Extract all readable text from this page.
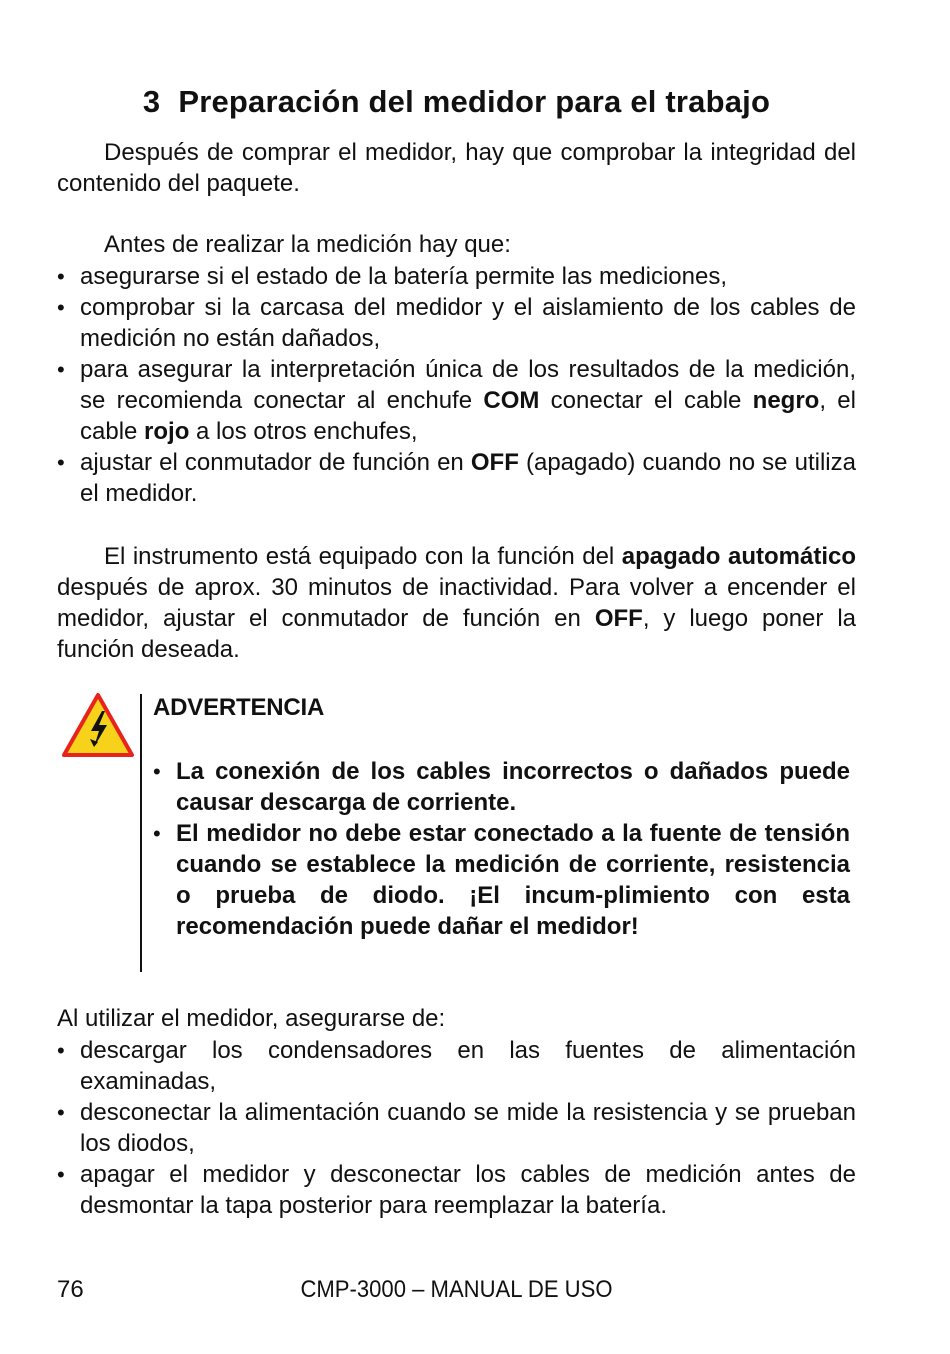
3 Preparación del medidor para el trabajo

Después de comprar el medidor, hay que comprobar la integridad del contenido del paquete.

Antes de realizar la medición hay que:

• asegurarse si el estado de la batería permite las mediciones,
• comprobar si la carcasa del medidor y el aislamiento de los cables de medición no están dañados,
• para asegurar la interpretación única de los resultados de la medición, se recomienda conectar al enchufe COM conectar el cable negro, el cable rojo a los otros enchufes,
• ajustar el conmutador de función en OFF (apagado) cuando no se utiliza el medidor.

El instrumento está equipado con la función del apagado automático después de aprox. 30 minutos de inactividad. Para volver a encender el medidor, ajustar el conmutador de función en OFF, y luego poner la función deseada.

ADVERTENCIA
• La conexión de los cables incorrectos o dañados puede causar descarga de corriente.
• El medidor no debe estar conectado a la fuente de tensión cuando se establece la medición de corriente, resistencia o prueba de diodo. ¡El incum-plimiento con esta recomendación puede dañar el medidor!

Al utilizar el medidor, asegurarse de:

• descargar los condensadores en las fuentes de alimentación examinadas,
• desconectar la alimentación cuando se mide la resistencia y se prueban los diodos,
• apagar el medidor y desconectar los cables de medición antes de desmontar la tapa posterior para reemplazar la batería.
76	CMP-3000 – MANUAL DE USO
